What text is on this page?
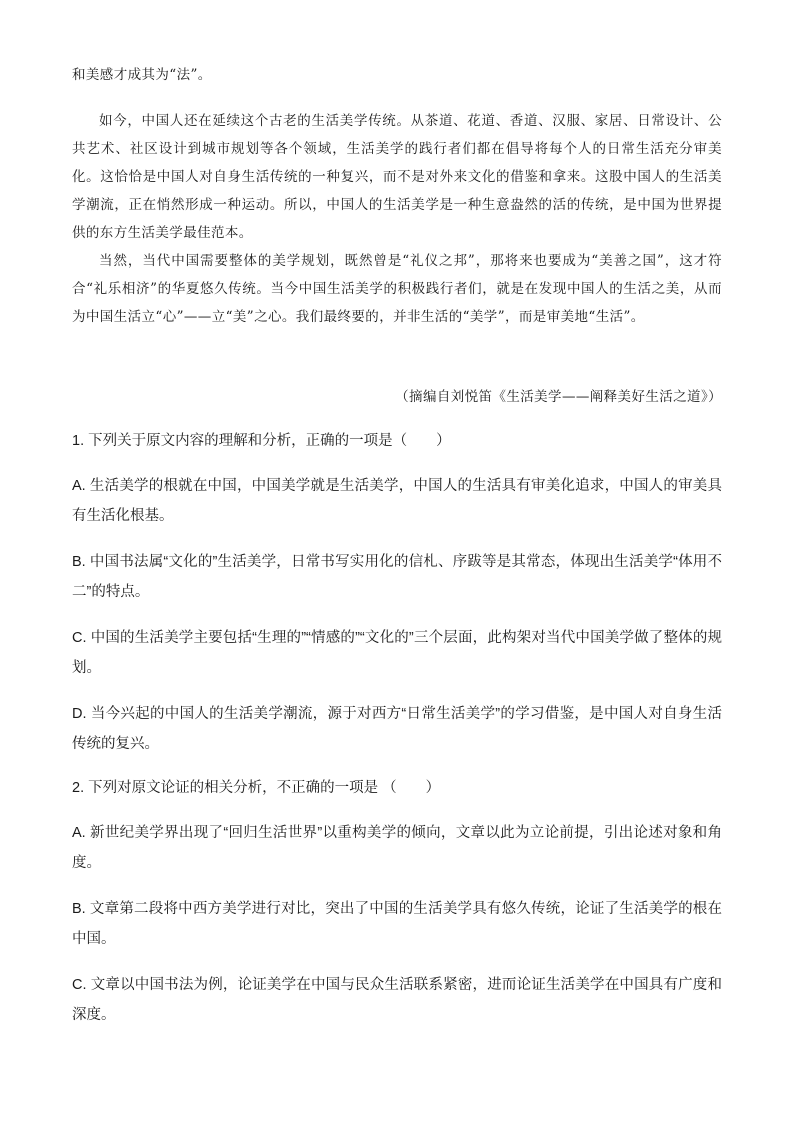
和美感才成其为“法”。

如今，中国人还在延续这个古老的生活美学传统。从茶道、花道、香道、汉服、家居、日常设计、公共艺术、社区设计到城市规划等各个领域，生活美学的践行者们都在倡导将每个人的日常生活充分审美化。这恰恰是中国人对自身生活传统的一种复兴，而不是对外来文化的借鉴和拿来。这股中国人的生活美学潮流，正在悄然形成一种运动。所以，中国人的生活美学是一种生意盎然的活的传统，是中国为世界提供的东方生活美学最佳范本。

当然，当代中国需要整体的美学规划，既然曾是“礼仪之邦”，那将来也要成为“美善之国”，这才符合“礼乐相济”的华夏悠久传统。当今中国生活美学的积极践行者们，就是在发现中国人的生活之美，从而为中国生活立“心”——立“美”之心。我们最终要的，并非生活的“美学”，而是审美地“生活”。

（摘编自刘悦笛《生活美学——阐释美好生活之道》）

1. 下列关于原文内容的理解和分析，正确的一项是（　　）

A. 生活美学的根就在中国，中国美学就是生活美学，中国人的生活具有审美化追求，中国人的审美具有生活化根基。

B. 中国书法属“文化的”生活美学，日常书写实用化的信札、序跋等是其常态，体现出生活美学“体用不二”的特点。

C. 中国的生活美学主要包括“生理的”“情感的”“文化的”三个层面，此构架对当代中国美学做了整体的规划。

D. 当今兴起的中国人的生活美学潮流，源于对西方“日常生活美学”的学习借鉴，是中国人对自身生活传统的复兴。

2. 下列对原文论证的相关分析，不正确的一项是 （　　）

A. 新世纪美学界出现了“回归生活世界”以重构美学的倾向，文章以此为立论前提，引出论述对象和角度。

B. 文章第二段将中西方美学进行对比，突出了中国的生活美学具有悠久传统，论证了生活美学的根在中国。

C. 文章以中国书法为例，论证美学在中国与民众生活联系紧密，进而论证生活美学在中国具有广度和深度。
